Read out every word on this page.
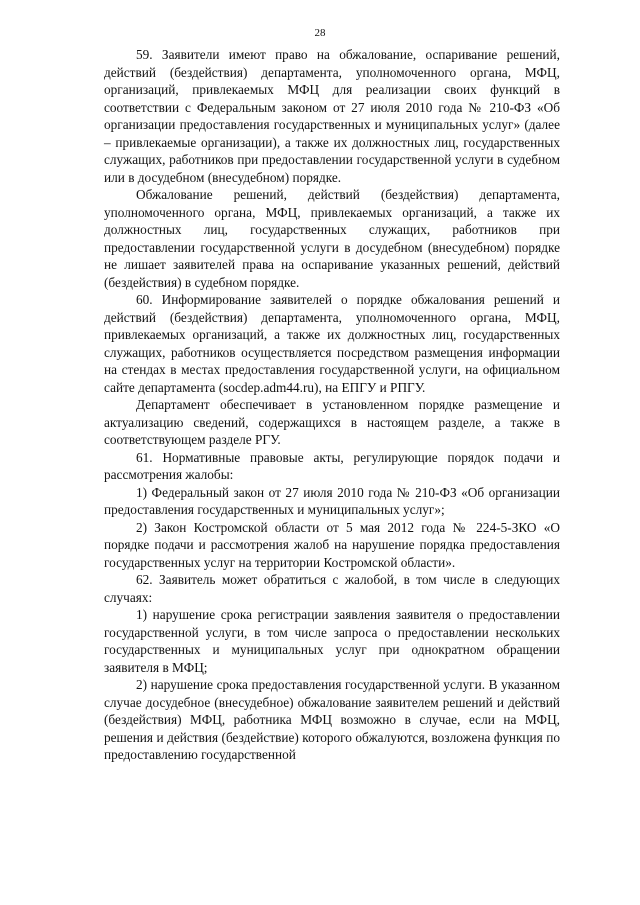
28

59. Заявители имеют право на обжалование, оспаривание решений, действий (бездействия) департамента, уполномоченного органа, МФЦ, организаций, привлекаемых МФЦ для реализации своих функций в соответствии с Федеральным законом от 27 июля 2010 года № 210-ФЗ «Об организации предоставления государственных и муниципальных услуг» (далее – привлекаемые организации), а также их должностных лиц, государственных служащих, работников при предоставлении государственной услуги в судебном или в досудебном (внесудебном) порядке.

Обжалование решений, действий (бездействия) департамента, уполномоченного органа, МФЦ, привлекаемых организаций, а также их должностных лиц, государственных служащих, работников при предоставлении государственной услуги в досудебном (внесудебном) порядке не лишает заявителей права на оспаривание указанных решений, действий (бездействия) в судебном порядке.

60. Информирование заявителей о порядке обжалования решений и действий (бездействия) департамента, уполномоченного органа, МФЦ, привлекаемых организаций, а также их должностных лиц, государственных служащих, работников осуществляется посредством размещения информации на стендах в местах предоставления государственной услуги, на официальном сайте департамента (socdep.adm44.ru), на ЕПГУ и РПГУ.

Департамент обеспечивает в установленном порядке размещение и актуализацию сведений, содержащихся в настоящем разделе, а также в соответствующем разделе РГУ.

61. Нормативные правовые акты, регулирующие порядок подачи и рассмотрения жалобы:

1) Федеральный закон от 27 июля 2010 года № 210-ФЗ «Об организации предоставления государственных и муниципальных услуг»;

2) Закон Костромской области от 5 мая 2012 года № 224-5-ЗКО «О порядке подачи и рассмотрения жалоб на нарушение порядка предоставления государственных услуг на территории Костромской области».

62. Заявитель может обратиться с жалобой, в том числе в следующих случаях:

1) нарушение срока регистрации заявления заявителя о предоставлении государственной услуги, в том числе запроса о предоставлении нескольких государственных и муниципальных услуг при однократном обращении заявителя в МФЦ;

2) нарушение срока предоставления государственной услуги. В указанном случае досудебное (внесудебное) обжалование заявителем решений и действий (бездействия) МФЦ, работника МФЦ возможно в случае, если на МФЦ, решения и действия (бездействие) которого обжалуются, возложена функция по предоставлению государственной
